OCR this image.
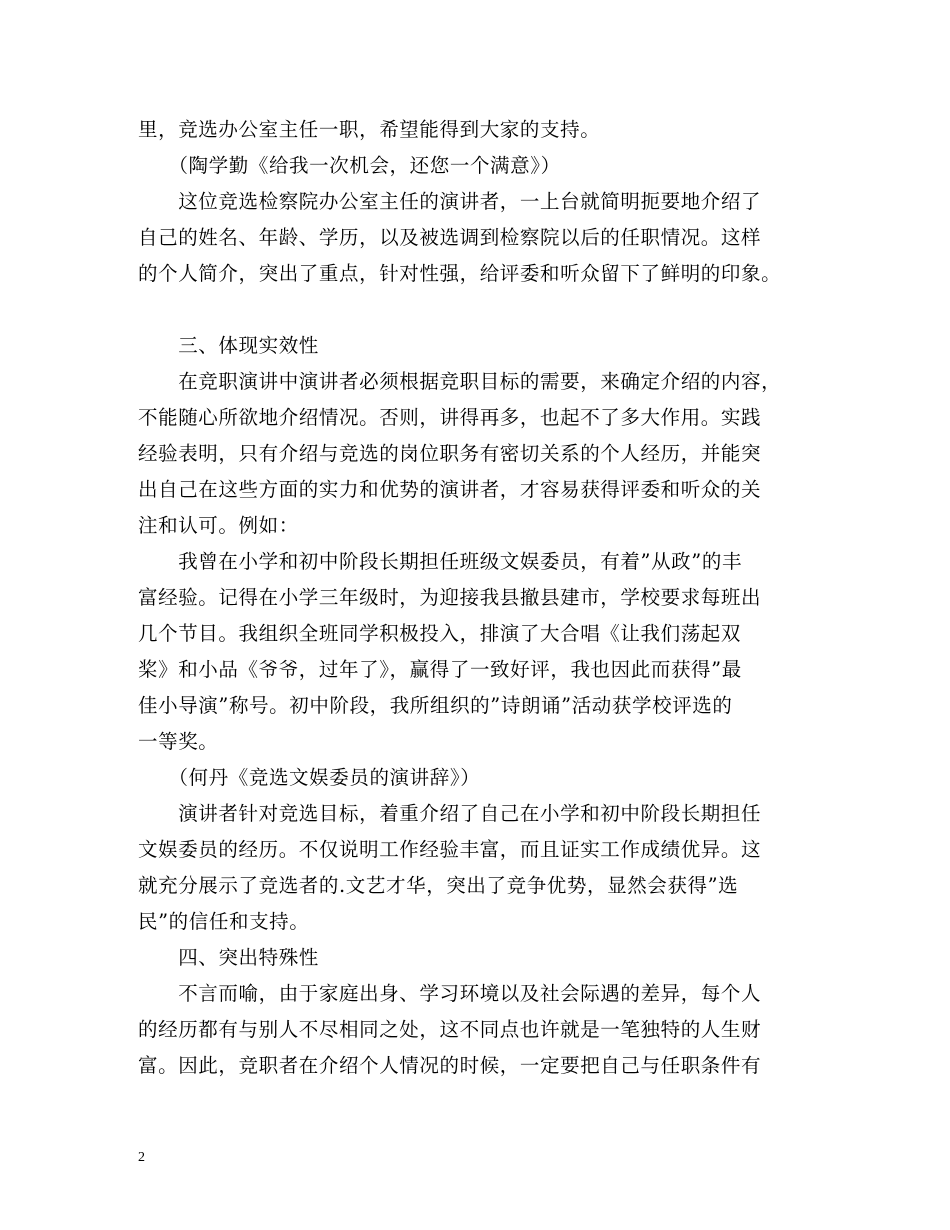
里，竞选办公室主任一职，希望能得到大家的支持。
　　（陶学勤《给我一次机会，还您一个满意》）
　　这位竞选检察院办公室主任的演讲者，一上台就简明扼要地介绍了
自己的姓名、年龄、学历，以及被选调到检察院以后的任职情况。这样
的个人简介，突出了重点，针对性强，给评委和听众留下了鲜明的印象。
　　三、体现实效性
　　在竞职演讲中演讲者必须根据竞职目标的需要，来确定介绍的内容，
不能随心所欲地介绍情况。否则，讲得再多，也起不了多大作用。实践
经验表明，只有介绍与竞选的岗位职务有密切关系的个人经历，并能突
出自己在这些方面的实力和优势的演讲者，才容易获得评委和听众的关
注和认可。例如：
　　我曾在小学和初中阶段长期担任班级文娱委员，有着”从政”的丰
富经验。记得在小学三年级时，为迎接我县撤县建市，学校要求每班出
几个节目。我组织全班同学积极投入，排演了大合唱《让我们荡起双
桨》和小品《爷爷，过年了》，赢得了一致好评，我也因此而获得”最
佳小导演”称号。初中阶段，我所组织的”诗朗诵”活动获学校评选的
一等奖。
　　（何丹《竞选文娱委员的演讲辞》）
　　演讲者针对竞选目标，着重介绍了自己在小学和初中阶段长期担任
文娱委员的经历。不仅说明工作经验丰富，而且证实工作成绩优异。这
就充分展示了竞选者的.文艺才华，突出了竞争优势，显然会获得”选
民”的信任和支持。
　　四、突出特殊性
　　不言而喻，由于家庭出身、学习环境以及社会际遇的差异，每个人
的经历都有与别人不尽相同之处，这不同点也许就是一笔独特的人生财
富。因此，竞职者在介绍个人情况的时候，一定要把自己与任职条件有
2
